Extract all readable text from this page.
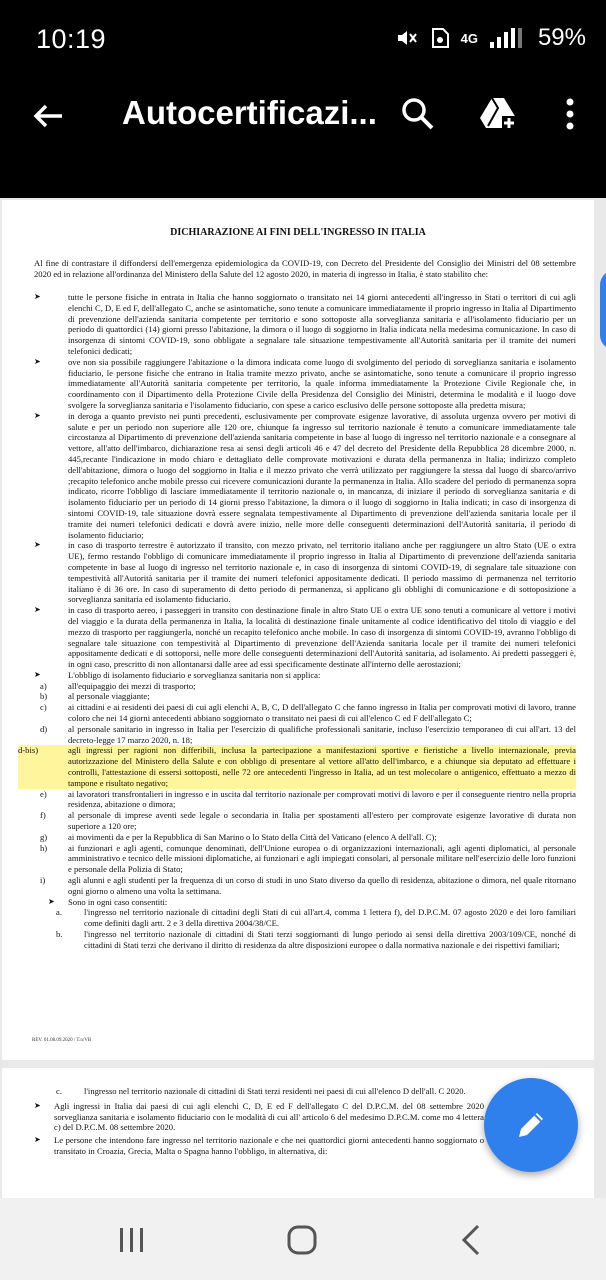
10:19	4G	59%
Autocertificazi...
DICHIARAZIONE AI FINI DELL'INGRESSO IN ITALIA
Al fine di contrastare il diffondersi dell'emergenza epidemiologica da COVID-19, con Decreto del Presidente del Consiglio dei Ministri del 08 settembre 2020 ed in relazione all'ordinanza del Ministero della Salute del 12 agosto 2020, in materia di ingresso in Italia, è stato stabilito che:
➤	tutte le persone fisiche in entrata in Italia che hanno soggiornato o transitato nei 14 giorni antecedenti all'ingresso in Stati o territori di cui agli elenchi C, D, E ed F, dell'allegato C, anche se asintomatiche, sono tenute a comunicare immediatamente il proprio ingresso in Italia al Dipartimento di prevenzione dell'azienda sanitaria competente per territorio e sono sottoposte alla sorveglianza sanitaria e all'isolamento fiduciario per un periodo di quattordici (14) giorni presso l'abitazione, la dimora o il luogo di soggiorno in Italia indicata nella medesima comunicazione. In caso di insorgenza di sintomi COVID-19, sono obbligate a segnalare tale situazione tempestivamente all'Autorità sanitaria per il tramite dei numeri telefonici dedicati;
➤	ove non sia possibile raggiungere l'abitazione o la dimora indicata come luogo di svolgimento del periodo di sorveglianza sanitaria e isolamento fiduciario, le persone fisiche che entrano in Italia tramite mezzo privato, anche se asintomatiche, sono tenute a comunicare il proprio ingresso immediatamente all'Autorità sanitaria competente per territorio, la quale informa immediatamente la Protezione Civile Regionale che, in coordinamento con il Dipartimento della Protezione Civile della Presidenza del Consiglio dei Ministri, determina le modalità e il luogo dove svolgere la sorveglianza sanitaria e l'isolamento fiduciario, con spese a carico esclusivo delle persone sottoposte alla predetta misura;
➤	in deroga a quanto previsto nei punti precedenti, esclusivamente per comprovate esigenze lavorative, di assoluta urgenza ovvero per motivi di salute e per un periodo non superiore alle 120 ore, chiunque fa ingresso sul territorio nazionale è tenuto a comunicare immediatamente tale circostanza al Dipartimento di prevenzione dell'azienda sanitaria competente in base al luogo di ingresso nel territorio nazionale e a consegnare al vettore, all'atto dell'imbarco, dichiarazione resa ai sensi degli articoli 46 e 47 del decreto del Presidente della Repubblica 28 dicembre 2000, n. 445,recante l'indicazione in modo chiaro e dettagliato delle comprovate motivazioni e durata della permanenza in Italia; indirizzo completo dell'abitazione, dimora o luogo del soggiorno in Italia e il mezzo privato che verrà utilizzato per raggiungere la stessa dal luogo di sbarco/arrivo ;recapito telefonico anche mobile presso cui ricevere comunicazioni durante la permanenza in Italia. Allo scadere del periodo di permanenza sopra indicato, ricorre l'obbligo di lasciare immediatamente il territorio nazionale o, in mancanza, di iniziare il periodo di sorveglianza sanitaria e di isolamento fiduciario per un periodo di 14 giorni presso l'abitazione, la dimora o il luogo di soggiorno in Italia indicati; in caso di insorgenza di sintomi COVID-19, tale situazione dovrà essere segnalata tempestivamente al Dipartimento di prevenzione dell'azienda sanitaria locale per il tramite dei numeri telefonici dedicati e dovrà avere inizio, nelle more delle conseguenti determinazioni dell'Autorità sanitaria, il periodo di isolamento fiduciario;
➤	in caso di trasporto terrestre è autorizzato il transito, con mezzo privato, nel territorio italiano anche per raggiungere un altro Stato (UE o extra UE), fermo restando l'obbligo di comunicare immediatamente il proprio ingresso in Italia al Dipartimento di prevenzione dell'azienda sanitaria competente in base al luogo di ingresso nel territorio nazionale e, in caso di insorgenza di sintomi COVID-19, di segnalare tale situazione con tempestività all'Autorità sanitaria per il tramite dei numeri telefonici appositamente dedicati. Il periodo massimo di permanenza nel territorio italiano è di 36 ore. In caso di superamento di detto periodo di permanenza, si applicano gli obblighi di comunicazione e di sottoposizione a sorveglianza sanitaria ed isolamento fiduciario.
➤	in caso di trasporto aereo, i passeggeri in transito con destinazione finale in altro Stato UE o extra UE sono tenuti a comunicare al vettore i motivi del viaggio e la durata della permanenza in Italia, la località di destinazione finale unitamente al codice identificativo del titolo di viaggio e del mezzo di trasporto per raggiungerla, nonché un recapito telefonico anche mobile. In caso di insorgenza di sintomi COVID-19, avranno l'obbligo di segnalare tale situazione con tempestività al Dipartimento di prevenzione dell'Azienda sanitaria locale per il tramite dei numeri telefonici appositamente dedicati e di sottoporsi, nelle more delle conseguenti determinazioni dell'Autorità sanitaria, ad isolamento. Ai predetti passeggeri è, in ogni caso, prescritto di non allontanarsi dalle aree ad essi specificamente destinate all'interno delle aerostazioni;
➤	L'obbligo di isolamento fiduciario e sorveglianza sanitaria non si applica:
a)	all'equipaggio dei mezzi di trasporto;
b)	al personale viaggiante;
c)	ai cittadini e ai residenti dei paesi di cui agli elenchi A, B, C, D dell'allegato C che fanno ingresso in Italia per comprovati motivi di lavoro, tranne coloro che nei 14 giorni antecedenti abbiano soggiornato o transitato nei paesi di cui all'elenco C ed F dell'allegato C;
d)	al personale sanitario in ingresso in Italia per l'esercizio di qualifiche professionali sanitarie, incluso l'esercizio temporaneo di cui all'art. 13 del decreto-legge 17 marzo 2020, n. 18;
d-bis)	agli ingressi per ragioni non differibili, inclusa la partecipazione a manifestazioni sportive e fieristiche a livello internazionale, previa autorizzazione del Ministero della Salute e con obbligo di presentare al vettore all'atto dell'imbarco, e a chiunque sia deputato ad effettuare i controlli, l'attestazione di essersi sottoposti, nelle 72 ore antecedenti l'ingresso in Italia, ad un test molecolare o antigenico, effettuato a mezzo di tampone e risultato negativo;
e)	ai lavoratori transfrontalieri in ingresso e in uscita dal territorio nazionale per comprovati motivi di lavoro e per il conseguente rientro nella propria residenza, abitazione o dimora;
f)	al personale di imprese aventi sede legale o secondaria in Italia per spostamenti all'estero per comprovate esigenze lavorative di durata non superiore a 120 ore;
g)	ai movimenti da e per la Repubblica di San Marino o lo Stato della Città del Vaticano (elenco A dell'all. C);
h)	ai funzionari e agli agenti, comunque denominati, dell'Unione europea o di organizzazioni internazionali, agli agenti diplomatici, al personale amministrativo e tecnico delle missioni diplomatiche, ai funzionari e agli impiegati consolari, al personale militare nell'esercizio delle loro funzioni e personale della Polizia di Stato;
i)	agli alunni e agli studenti per la frequenza di un corso di studi in uno Stato diverso da quello di residenza, abitazione o dimora, nel quale ritornano ogni giorno o almeno una volta la settimana.
➤	Sono in ogni caso consentiti:
a.	l'ingresso nel territorio nazionale di cittadini degli Stati di cui all'art.4, comma 1 lettera f), del D.P.C.M. 07 agosto 2020 e dei loro familiari come definiti dagli artt. 2 e 3 della direttiva 2004/38/CE.
b.	l'ingresso nel territorio nazionale di cittadini di Stati terzi soggiornanti di lungo periodo ai sensi della direttiva 2003/109/CE, nonché di cittadini di Stati terzi che derivano il diritto di residenza da altre disposizioni europee o dalla normativa nazionale e dei rispettivi familiari;
REV. 01.08.09.2020 / T.n/VB
c.	l'ingresso nel territorio nazionale di cittadini di Stati terzi residenti nei paesi di cui all'elenco D dell'all. C 2020.
➤	Agli ingressi in Italia dai paesi di cui agli elenchi C, D, E ed F dell'allegato C del D.P.C.M. del 08 settembre 2020 sorveglianza sanitaria e isolamento fiduciario con le modalità di cui all' articolo 6 del medesimo D.P.C.M. come mo 4 lettera c) del D.P.C.M. 08 settembre 2020.
➤	Le persone che intendono fare ingresso nel territorio nazionale e che nei quattordici giorni antecedenti hanno soggiornato o transitato in Croazia, Grecia, Malta o Spagna hanno l'obbligo, in alternativa, di:
